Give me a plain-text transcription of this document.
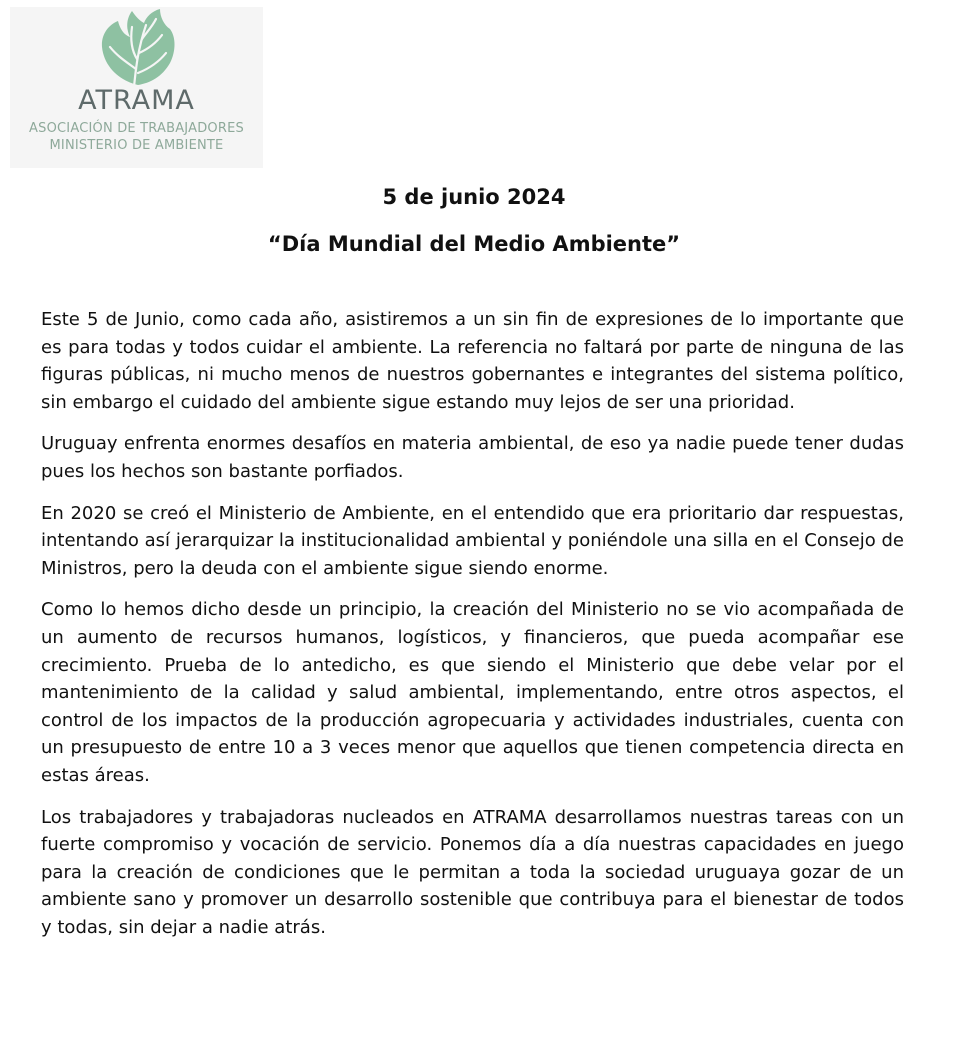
ATRAMA
ASOCIACIÓN DE TRABAJADORES
MINISTERIO DE AMBIENTE
5 de junio 2024
“Día Mundial del Medio Ambiente”

Este 5 de Junio, como cada año, asistiremos a un sin fin de expresiones de lo importante que es para todas y todos cuidar el ambiente. La referencia no faltará por parte de ninguna de las figuras públicas, ni mucho menos de nuestros gobernantes e integrantes del sistema político, sin embargo el cuidado del ambiente sigue estando muy lejos de ser una prioridad.

Uruguay enfrenta enormes desafíos en materia ambiental, de eso ya nadie puede tener dudas pues los hechos son bastante porfiados.

En 2020 se creó el Ministerio de Ambiente, en el entendido que era prioritario dar respuestas, intentando así jerarquizar la institucionalidad ambiental y poniéndole una silla en el Consejo de Ministros, pero la deuda con el ambiente sigue siendo enorme.

Como lo hemos dicho desde un principio, la creación del Ministerio no se vio acompañada de un aumento de recursos humanos, logísticos, y financieros, que pueda acompañar ese crecimiento. Prueba de lo antedicho, es que siendo el Ministerio que debe velar por el mantenimiento de la calidad y salud ambiental, implementando, entre otros aspectos, el control de los impactos de la producción agropecuaria y actividades industriales, cuenta con un presupuesto de entre 10 a 3 veces menor que aquellos que tienen competencia directa en estas áreas.

Los trabajadores y trabajadoras nucleados en ATRAMA desarrollamos nuestras tareas con un fuerte compromiso y vocación de servicio. Ponemos día a día nuestras capacidades en juego para la creación de condiciones que le permitan a toda la sociedad uruguaya gozar de un ambiente sano y promover un desarrollo sostenible que contribuya para el bienestar de todos y todas, sin dejar a nadie atrás.
